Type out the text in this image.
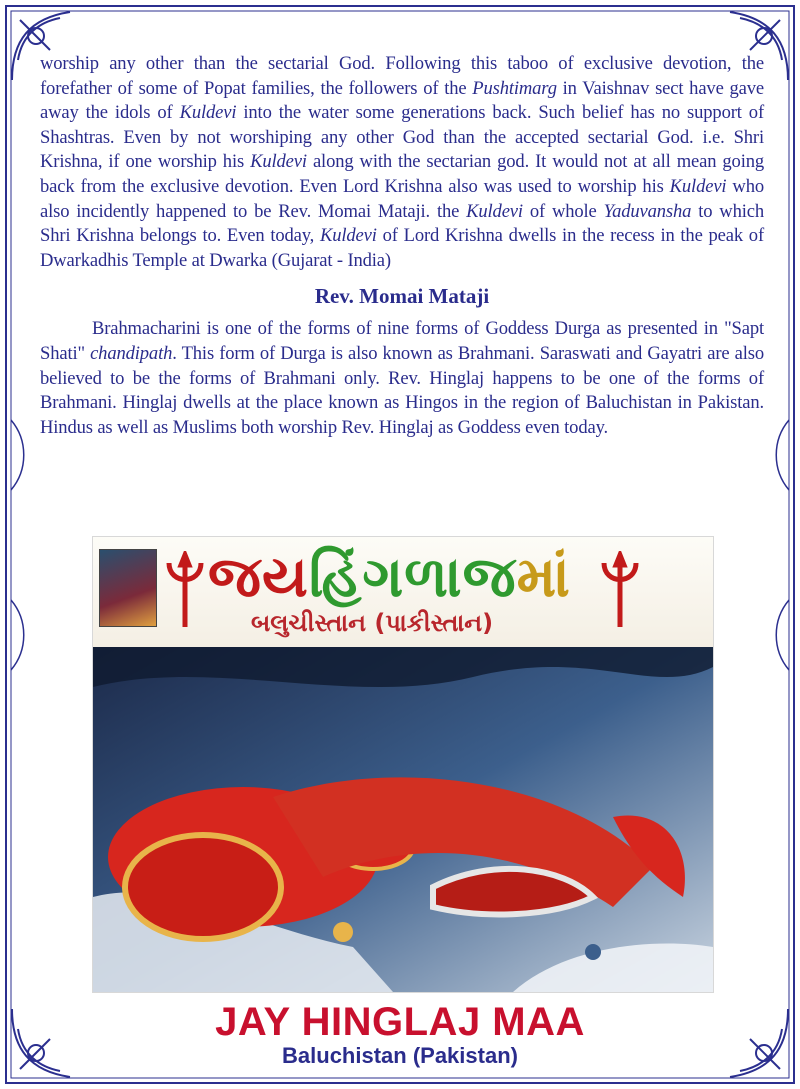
worship any other than the sectarial God. Following this taboo of exclusive devotion, the forefather of some of Popat families, the followers of the Pushtimarg in Vaishnav sect have gave away the idols of Kuldevi into the water some generations back. Such belief has no support of Shashtras. Even by not worshiping any other God than the accepted sectarial God. i.e. Shri Krishna, if one worship his Kuldevi along with the sectarian god. It would not at all mean going back from the exclusive devotion. Even Lord Krishna also was used to worship his Kuldevi who also incidently happened to be Rev. Momai Mataji. the Kuldevi of whole Yaduvansha to which Shri Krishna belongs to. Even today, Kuldevi of Lord Krishna dwells in the recess in the peak of Dwarkadhis Temple at Dwarka (Gujarat - India)

Rev. Momai Mataji

Brahmacharini is one of the forms of nine forms of Goddess Durga as presented in "Sapt Shati" chandipath. This form of Durga is also known as Brahmani. Saraswati and Gayatri are also believed to be the forms of Brahmani only. Rev. Hinglaj happens to be one of the forms of Brahmani. Hinglaj dwells at the place known as Hingos in the region of Baluchistan in Pakistan. Hindus as well as Muslims both worship Rev. Hinglaj as Goddess even today.

જયહિંગળાજમાં
બલુચીસ્તાન (પાકીસ્તાન)
JAY HINGLAJ MAA
Baluchistan (Pakistan)
